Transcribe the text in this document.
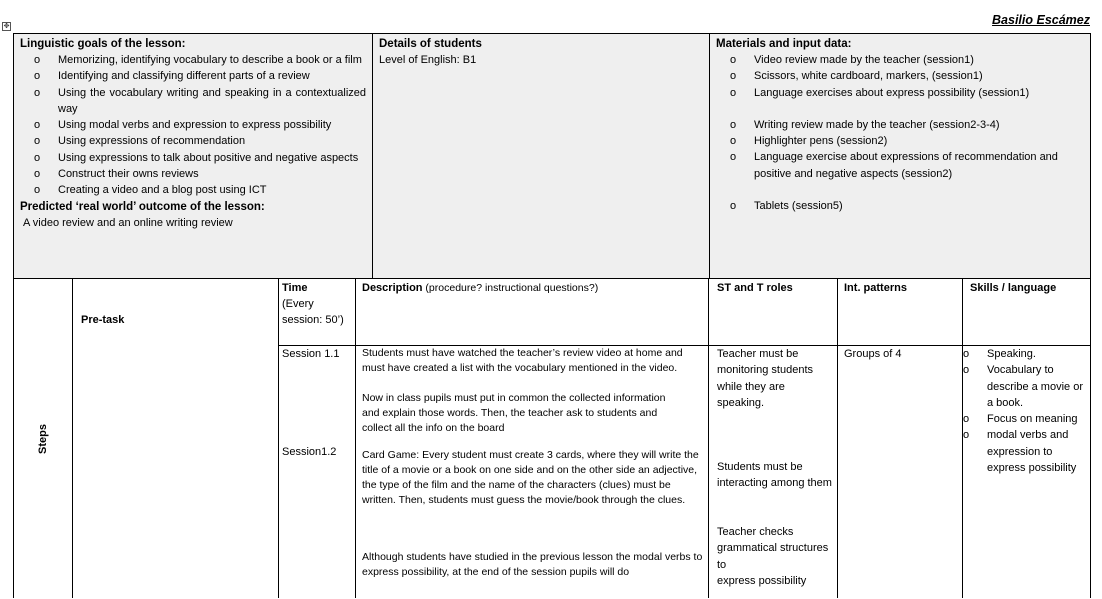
✥	Basilio Escámez
Linguistic goals of the lesson:
o Memorizing, identifying vocabulary to describe a book or a film
o Identifying and classifying different parts of a review
o Using the vocabulary writing and speaking in a contextualized way
o Using modal verbs and expression to express possibility
o Using expressions of recommendation
o Using expressions to talk about positive and negative aspects
o Construct their owns reviews
o Creating a video and a blog post using ICT
Predicted ‘real world’ outcome of the lesson:
A video review and an online writing review
Details of students
Level of English: B1
Materials and input data:
o Video review made by the teacher (session1)
o Scissors, white cardboard, markers, (session1)
o Language exercises about express possibility (session1)
o Writing review made by the teacher (session2-3-4)
o Highlighter pens (session2)
o Language exercise about expressions of recommendation and positive and negative aspects (session2)
o Tablets (session5)
Steps
Pre-task
Time
(Every session: 50’)
Description (procedure? instructional questions?)	ST and T roles	Int. patterns	Skills / language
Session 1.1
Session1.2
Students must have watched the teacher’s review video at home and must have created a list with the vocabulary mentioned in the video.
Now in class pupils must put in common the collected information and explain those words. Then, the teacher ask to students and collect all the info on the board
Card Game: Every student must create 3 cards, where they will write the title of a movie or a book on one side and on the other side an adjective, the type of the film and the name of the characters (clues) must be written. Then, students must guess the movie/book through the clues.
Although students have studied in the previous lesson the modal verbs to express possibility, at the end of the session pupils will do
Teacher must be monitoring students while they are speaking.
Students must be interacting among them
Teacher checks grammatical structures to
express possibility
Groups of 4
o	Speaking.
o Vocabulary to describe a movie or a book.
o Focus on meaning
o modal verbs and expression to express possibility
